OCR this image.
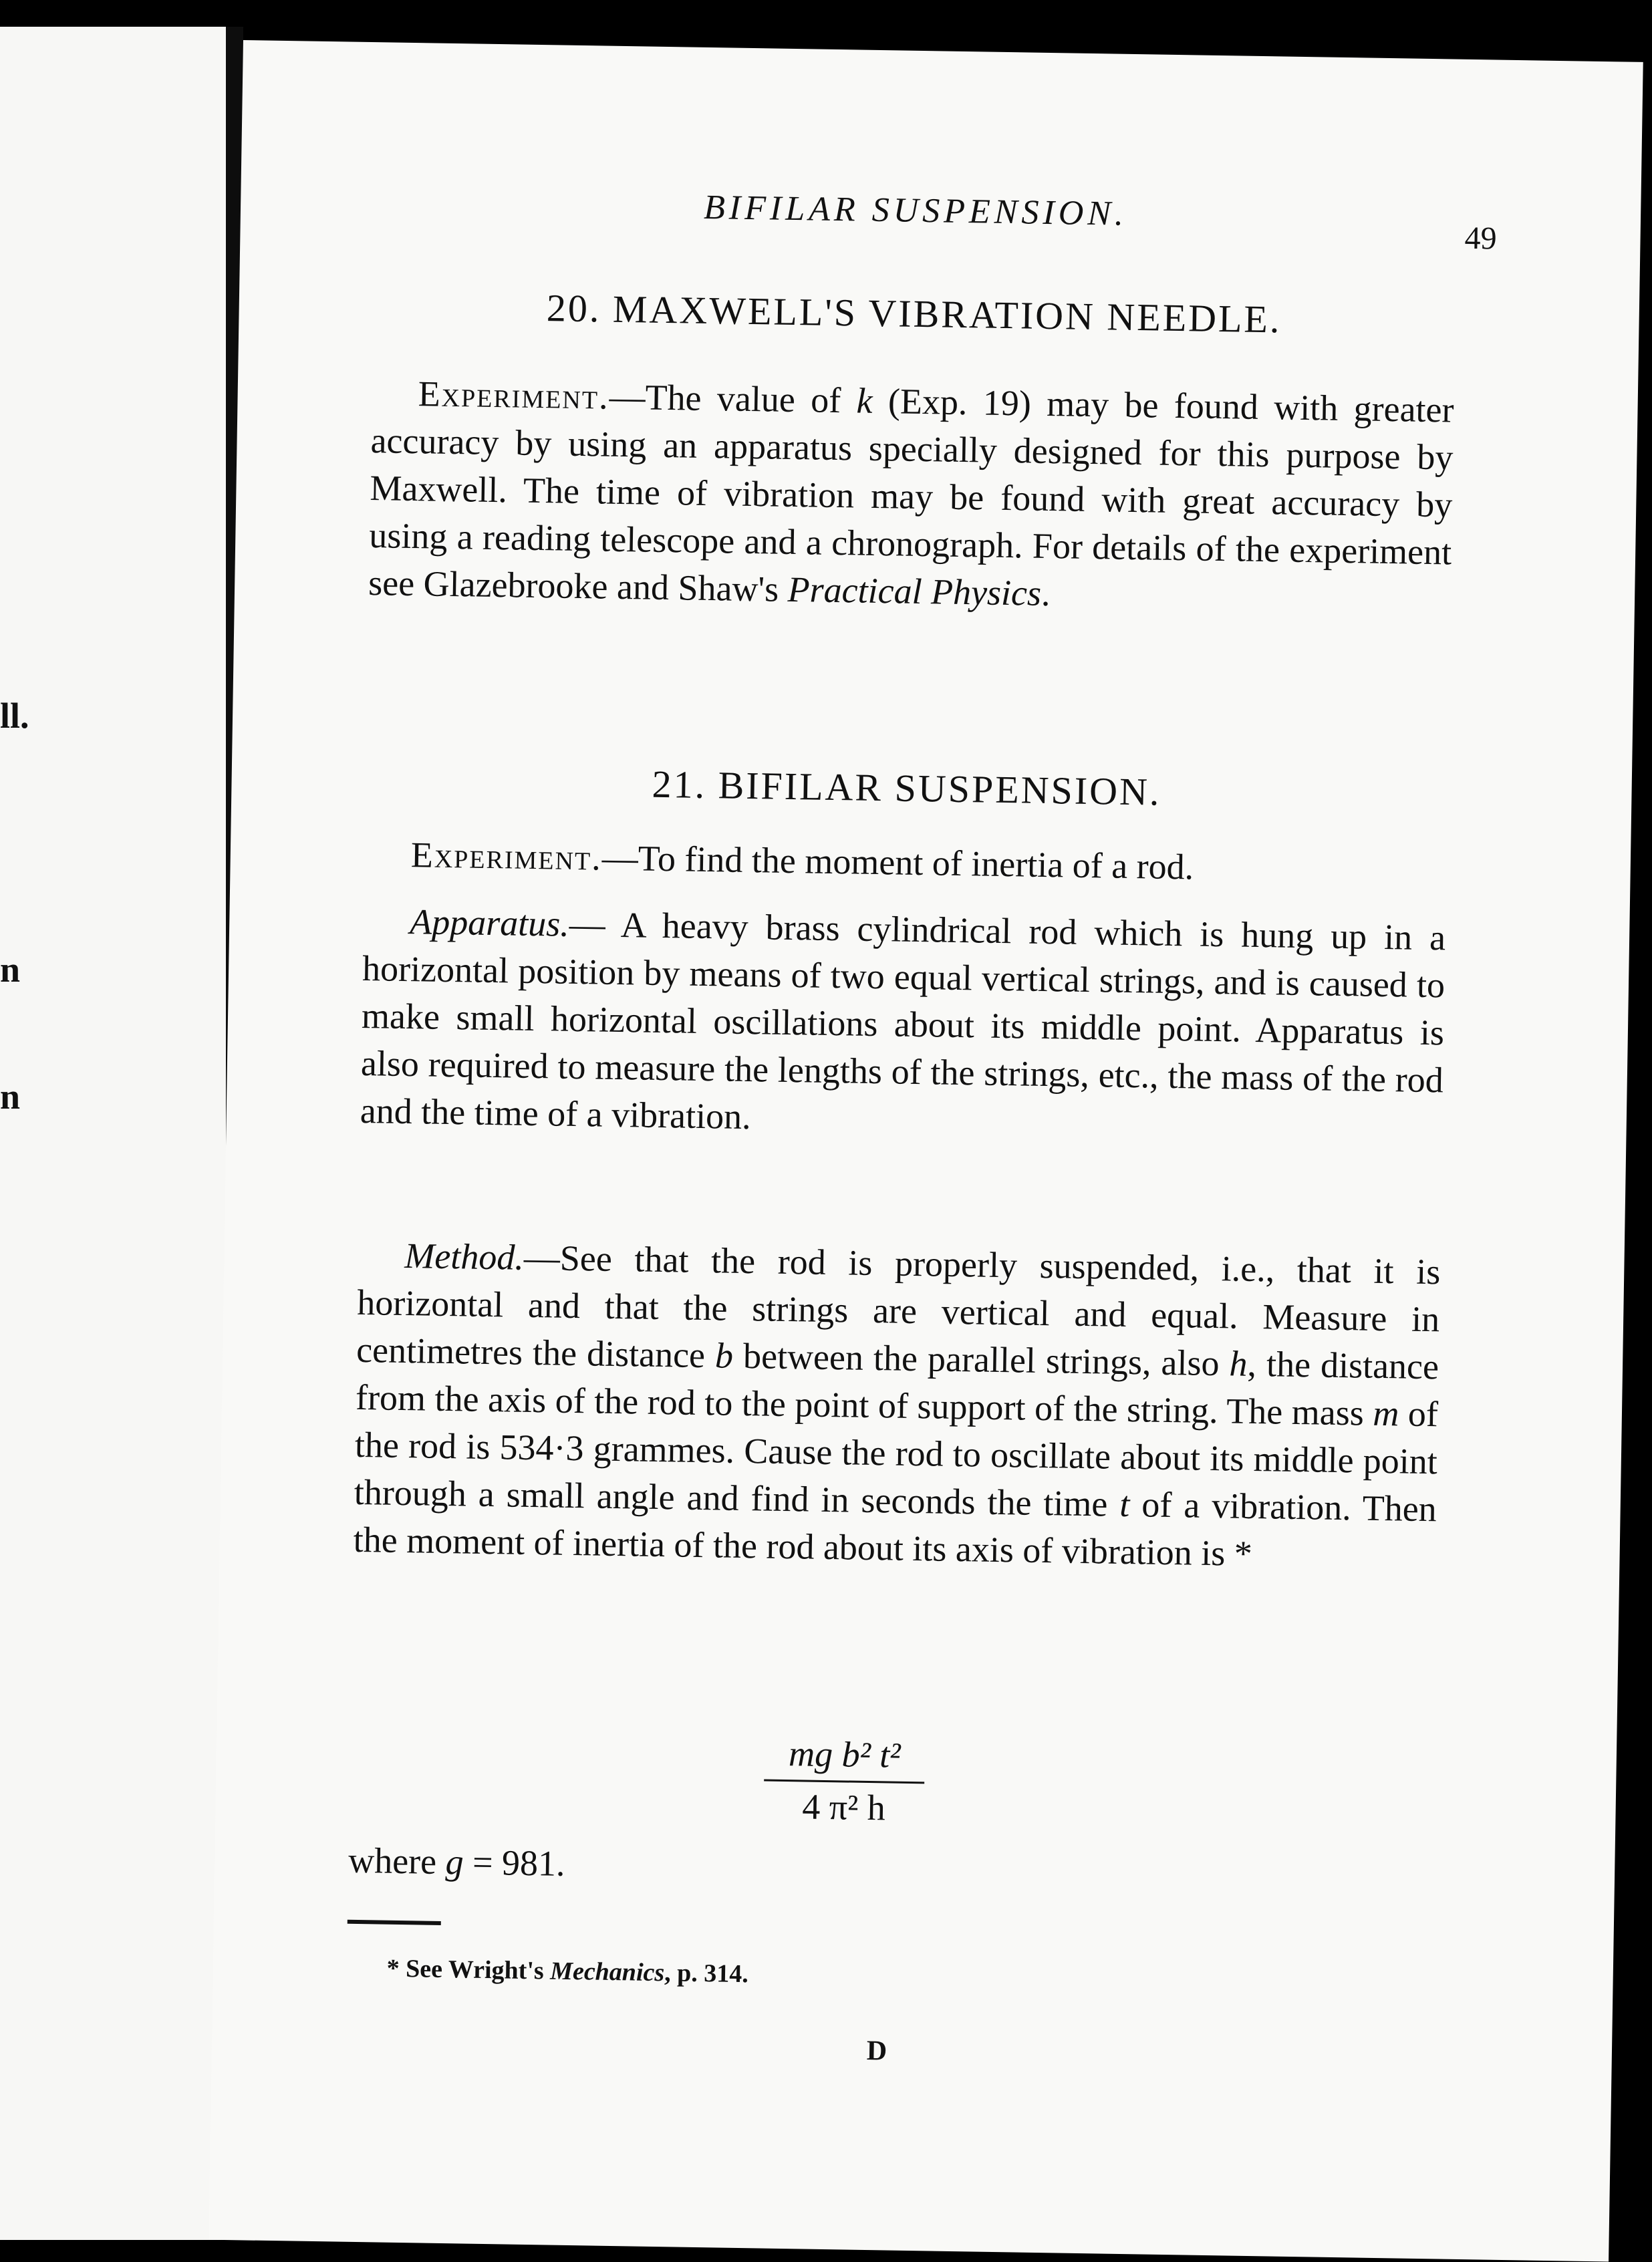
ll.
n
n
BIFILAR SUSPENSION.
49
20. MAXWELL'S VIBRATION NEEDLE.
Experiment.—The value of k (Exp. 19) may be found with greater accuracy by using an apparatus specially designed for this purpose by Maxwell. The time of vibration may be found with great accuracy by using a reading telescope and a chronograph. For details of the experiment see Glazebrooke and Shaw's Practical Physics.
21. BIFILAR SUSPENSION.
Experiment.—To find the moment of inertia of a rod.
Apparatus.— A heavy brass cylindrical rod which is hung up in a horizontal position by means of two equal vertical strings, and is caused to make small horizontal oscillations about its middle point. Apparatus is also required to measure the lengths of the strings, etc., the mass of the rod and the time of a vibration.
Method.—See that the rod is properly suspended, i.e., that it is horizontal and that the strings are vertical and equal. Measure in centimetres the distance b between the parallel strings, also h, the distance from the axis of the rod to the point of support of the string. The mass m of the rod is 534·3 grammes. Cause the rod to oscillate about its middle point through a small angle and find in seconds the time t of a vibration. Then the moment of inertia of the rod about its axis of vibration is *
$\frac{\text{mg b² t²}}{\text{4 π² h}}$
where g = 981.
* See Wright's Mechanics, p. 314.
D
